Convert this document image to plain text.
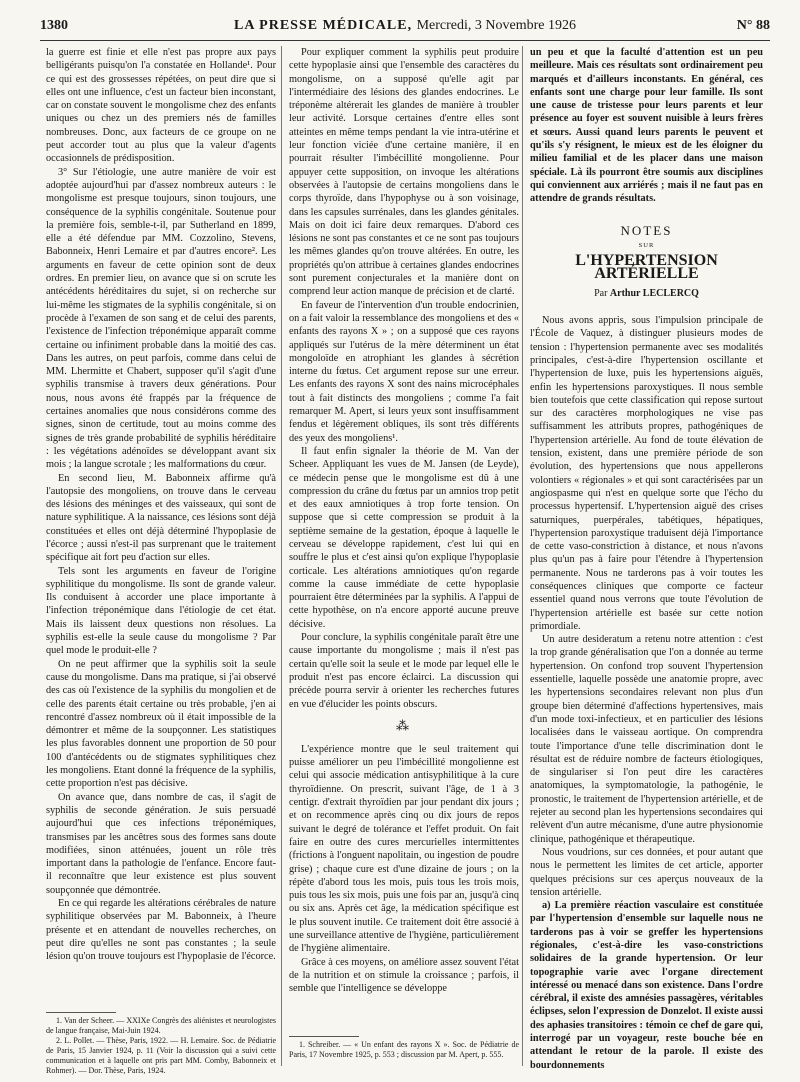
1380	LA PRESSE MÉDICALE, Mercredi, 3 Novembre 1926	N° 88

la guerre est finie et elle n'est pas propre aux pays belligérants puisqu'on l'a constatée en Hollande¹. Pour ce qui est des grossesses répétées, on peut dire que si elles ont une influence, c'est un facteur bien inconstant, car on constate souvent le mongolisme chez des enfants uniques ou chez un des premiers nés de familles nombreuses. Donc, aux facteurs de ce groupe on ne peut accorder tout au plus que la valeur d'agents occasionnels de prédisposition.

3° Sur l'étiologie, une autre manière de voir est adoptée aujourd'hui par d'assez nombreux auteurs : le mongolisme est presque toujours, sinon toujours, une conséquence de la syphilis congénitale. Soutenue pour la première fois, semble-t-il, par Sutherland en 1899, elle a été défendue par MM. Cozzolino, Stevens, Babonneix, Henri Lemaire et par d'autres encore². Les arguments en faveur de cette opinion sont de deux ordres. En premier lieu, on avance que si on scrute les antécédents héréditaires du sujet, si on recherche sur lui-même les stigmates de la syphilis congénitale, si on procède à l'examen de son sang et de celui des parents, l'existence de l'infection tréponémique apparaît comme certaine ou infiniment probable dans la moitié des cas. Dans les autres, on peut parfois, comme dans celui de MM. Lhermitte et Chabert, supposer qu'il s'agit d'une syphilis transmise à travers deux générations. Pour nous, nous avons été frappés par la fréquence de certaines anomalies que nous considérons comme des signes, sinon de certitude, tout au moins comme des signes de très grande probabilité de syphilis héréditaire : les végétations adénoïdes se développant avant six mois ; la langue scrotale ; les malformations du cœur.

En second lieu, M. Babonneix affirme qu'à l'autopsie des mongoliens, on trouve dans le cerveau des lésions des méninges et des vaisseaux, qui sont de nature syphilitique. A la naissance, ces lésions sont déjà constituées et elles ont déjà déterminé l'hypoplasie de l'écorce ; aussi n'est-il pas surprenant que le traitement spécifique ait fort peu d'action sur elles.

Tels sont les arguments en faveur de l'origine syphilitique du mongolisme. Ils sont de grande valeur. Ils conduisent à accorder une place importante à l'infection tréponémique dans l'étiologie de cet état. Mais ils laissent deux questions non résolues. La syphilis est-elle la seule cause du mongolisme ? Par quel mode le produit-elle ?

On ne peut affirmer que la syphilis soit la seule cause du mongolisme. Dans ma pratique, si j'ai observé des cas où l'existence de la syphilis du mongolien et de celle des parents était certaine ou très probable, j'en ai rencontré d'assez nombreux où il était impossible de la démontrer et même de la soupçonner. Les statistiques les plus favorables donnent une proportion de 50 pour 100 d'antécédents ou de stigmates syphilitiques chez les mongoliens. Etant donné la fréquence de la syphilis, cette proportion n'est pas décisive.

On avance que, dans nombre de cas, il s'agit de syphilis de seconde génération. Je suis persuadé aujourd'hui que ces infections tréponémiques, transmises par les ancêtres sous des formes sans doute modifiées, sinon atténuées, jouent un rôle très important dans la pathologie de l'enfance. Encore faut-il reconnaître que leur existence est plus souvent soupçonnée que démontrée.

En ce qui regarde les altérations cérébrales de nature syphilitique observées par M. Babonneix, à l'heure présente et en attendant de nouvelles recherches, on peut dire qu'elles ne sont pas constantes ; la seule lésion qu'on trouve toujours est l'hypoplasie de l'écorce.

1. Van der Scheer. — XXIXe Congrès des aliénistes et neurologistes de langue française, Mai-Juin 1924.

2. L. Pollet. — Thèse, Paris, 1922. — H. Lemaire. Soc. de Pédiatrie de Paris, 15 Janvier 1924, p. 11 (Voir la discussion qui a suivi cette communication et à laquelle ont pris part MM. Comby, Babonneix et Rohmer). — Dor. Thèse, Paris, 1924.

Pour expliquer comment la syphilis peut produire cette hypoplasie ainsi que l'ensemble des caractères du mongolisme, on a supposé qu'elle agit par l'intermédiaire des lésions des glandes endocrines. Le tréponème altérerait les glandes de manière à troubler leur activité. Lorsque certaines d'entre elles sont atteintes en même temps pendant la vie intra-utérine et leur fonction viciée d'une certaine manière, il en pourrait résulter l'imbécillité mongolienne. Pour appuyer cette supposition, on invoque les altérations observées à l'autopsie de certains mongoliens dans le corps thyroïde, dans l'hypophyse ou à son voisinage, dans les capsules surrénales, dans les glandes génitales. Mais on doit ici faire deux remarques. D'abord ces lésions ne sont pas constantes et ce ne sont pas toujours les mêmes glandes qu'on trouve altérées. En outre, les propriétés qu'on attribue à certaines glandes endocrines sont purement conjecturales et la manière dont on comprend leur action manque de précision et de clarté.

En faveur de l'intervention d'un trouble endocrinien, on a fait valoir la ressemblance des mongoliens et des « enfants des rayons X » ; on a supposé que ces rayons appliqués sur l'utérus de la mère déterminent un état mongoloïde en atrophiant les glandes à sécrétion interne du fœtus. Cet argument repose sur une erreur. Les enfants des rayons X sont des nains microcéphales tout à fait distincts des mongoliens ; comme l'a fait remarquer M. Apert, si leurs yeux sont insuffisamment fendus et légèrement obliques, ils sont très différents des yeux des mongoliens¹.

Il faut enfin signaler la théorie de M. Van der Scheer. Appliquant les vues de M. Jansen (de Leyde), ce médecin pense que le mongolisme est dû à une compression du crâne du fœtus par un amnios trop petit et des eaux amniotiques à trop forte tension. On suppose que si cette compression se produit à la septième semaine de la gestation, époque à laquelle le cerveau se développe rapidement, c'est lui qui en souffre le plus et c'est ainsi qu'on explique l'hypoplasie corticale. Les altérations amniotiques qu'on regarde comme la cause immédiate de cette hypoplasie pourraient être déterminées par la syphilis. A l'appui de cette hypothèse, on n'a encore apporté aucune preuve décisive.

Pour conclure, la syphilis congénitale paraît être une cause importante du mongolisme ; mais il n'est pas certain qu'elle soit la seule et le mode par lequel elle le produit n'est pas encore éclairci. La discussion qui précède pourra servir à orienter les recherches futures en vue d'élucider les points obscurs.

⁂

L'expérience montre que le seul traitement qui puisse améliorer un peu l'imbécillité mongolienne est celui qui associe médication antisyphilitique à la cure thyroïdienne. On prescrit, suivant l'âge, de 1 à 3 centigr. d'extrait thyroïdien par jour pendant dix jours ; et on recommence après cinq ou dix jours de repos suivant le degré de tolérance et l'effet produit. On fait faire en outre des cures mercurielles intermittentes (frictions à l'onguent napolitain, ou ingestion de poudre grise) ; chaque cure est d'une dizaine de jours ; on la répète d'abord tous les mois, puis tous les trois mois, puis tous les six mois, puis une fois par an, jusqu'à cinq ou six ans. Après cet âge, la médication spécifique est le plus souvent inutile. Ce traitement doit être associé à une surveillance attentive de l'hygiène, particulièrement de l'hygiène alimentaire.

Grâce à ces moyens, on améliore assez souvent l'état de la nutrition et on stimule la croissance ; parfois, il semble que l'intelligence se développe

1. Schreiber. — « Un enfant des rayons X ». Soc. de Pédiatrie de Paris, 17 Novembre 1925, p. 553 ; discussion par M. Apert, p. 555.

un peu et que la faculté d'attention est un peu meilleure. Mais ces résultats sont ordinairement peu marqués et d'ailleurs inconstants. En général, ces enfants sont une charge pour leur famille. Ils sont une cause de tristesse pour leurs parents et leur présence au foyer est souvent nuisible à leurs frères et sœurs. Aussi quand leurs parents le peuvent et qu'ils s'y résignent, le mieux est de les éloigner du milieu familial et de les placer dans une maison spéciale. Là ils pourront être soumis aux disciplines qui conviennent aux arriérés ; mais il ne faut pas en attendre de grands résultats.

NOTES
SUR
L'HYPERTENSION ARTÉRIELLE
Par Arthur LECLERCQ

Nous avons appris, sous l'impulsion principale de l'École de Vaquez, à distinguer plusieurs modes de tension : l'hypertension permanente avec ses modalités principales, c'est-à-dire l'hypertension oscillante et l'hypertension de luxe, puis les hypertensions aiguës, enfin les hypertensions paroxystiques. Il nous semble bien toutefois que cette classification qui repose surtout sur des caractères morphologiques ne vise pas suffisamment les attributs propres, pathogéniques de l'hypertension artérielle. Au fond de toute élévation de tension, existent, dans une première période de son évolution, des hypertensions que nous appellerons volontiers « régionales » et qui sont caractérisées par un angiospasme qui n'est en quelque sorte que l'écho du processus hypertensif. L'hypertension aiguë des crises saturniques, puerpérales, tabétiques, hépatiques, l'hypertension paroxystique traduisent déjà l'importance de cette vaso-constriction à distance, et nous n'avons plus qu'un pas à faire pour l'étendre à l'hypertension permanente. Nous ne tarderons pas à voir toutes les conséquences cliniques que comporte ce facteur essentiel quand nous verrons que toute l'évolution de l'hypertension artérielle est basée sur cette notion primordiale.

Un autre desideratum a retenu notre attention : c'est la trop grande généralisation que l'on a donnée au terme hypertension. On confond trop souvent l'hypertension essentielle, laquelle possède une anatomie propre, avec les hypertensions secondaires relevant non plus d'un groupe bien déterminé d'affections hypertensives, mais d'un mode toxi-infectieux, et en particulier des lésions localisées dans le vaisseau aortique. On comprendra toute l'importance d'une telle discrimination dont le résultat est de réduire nombre de facteurs étiologiques, de singulariser si l'on peut dire les caractères anatomiques, la symptomatologie, la pathogénie, le pronostic, le traitement de l'hypertension artérielle, et de rejeter au second plan les hypertensions secondaires qui relèvent d'un autre mécanisme, d'une autre physionomie clinique, pathogénique et thérapeutique.

Nous voudrions, sur ces données, et pour autant que nous le permettent les limites de cet article, apporter quelques précisions sur ces aperçus nouveaux de la tension artérielle.

a) La première réaction vasculaire est constituée par l'hypertension d'ensemble sur laquelle nous ne tarderons pas à voir se greffer les hypertensions régionales, c'est-à-dire les vaso-constrictions solidaires de la grande hypertension. Or leur topographie varie avec l'organe directement intéressé ou menacé dans son existence. Dans l'ordre cérébral, il existe des amnésies passagères, véritables éclipses, selon l'expression de Donzelot. Il existe aussi des aphasies transitoires : témoin ce chef de gare qui, interrogé par un voyageur, reste bouche bée en attendant le retour de la parole. Il existe des bourdonnements
